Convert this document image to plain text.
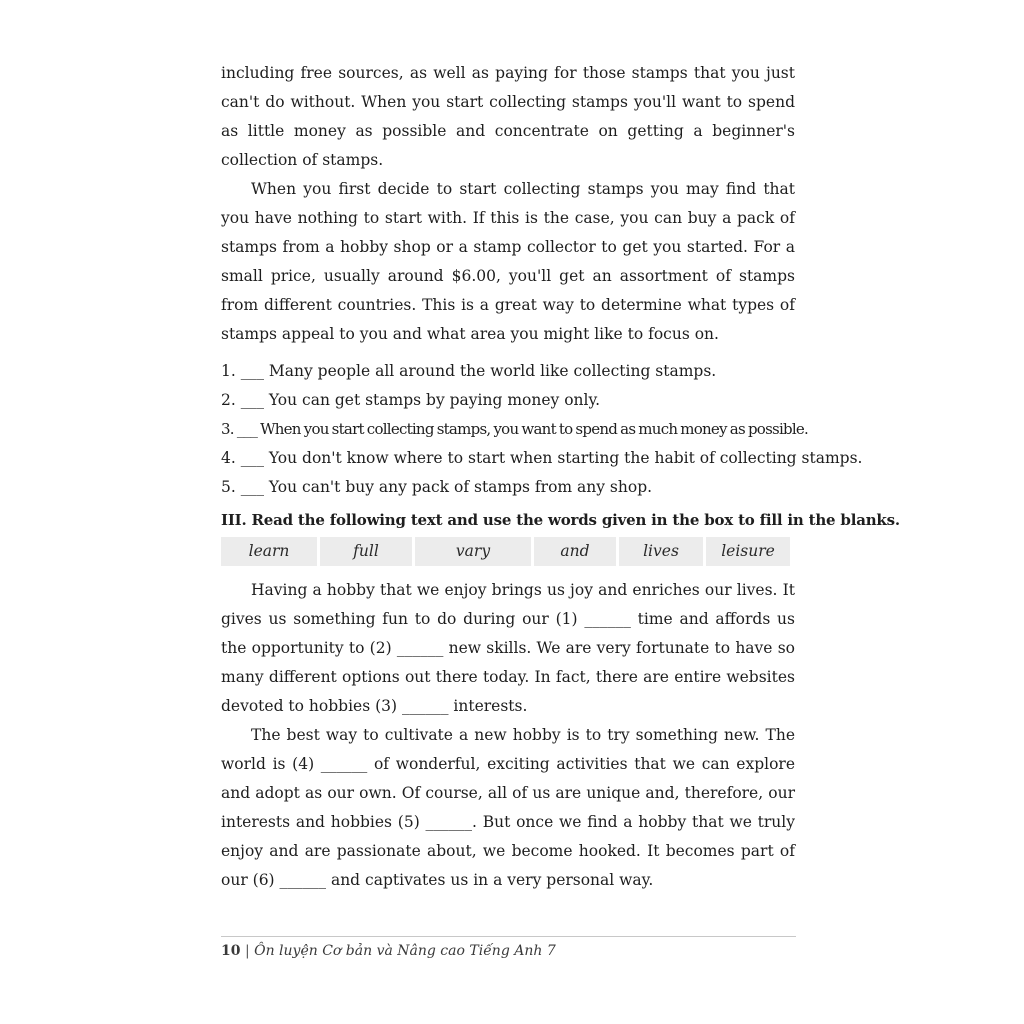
including free sources, as well as paying for those stamps that you just can't do without. When you start collecting stamps you'll want to spend as little money as possible and concentrate on getting a beginner's collection of stamps.

When you first decide to start collecting stamps you may find that you have nothing to start with. If this is the case, you can buy a pack of stamps from a hobby shop or a stamp collector to get you started. For a small price, usually around $6.00, you'll get an assortment of stamps from different countries. This is a great way to determine what types of stamps appeal to you and what area you might like to focus on.

1. ___ Many people all around the world like collecting stamps.
2. ___ You can get stamps by paying money only.
3. ___ When you start collecting stamps, you want to spend as much money as possible.
4. ___ You don't know where to start when starting the habit of collecting stamps.
5. ___ You can't buy any pack of stamps from any shop.
III. Read the following text and use the words given in the box to fill in the blanks.
learn	full	vary	and	lives	leisure

Having a hobby that we enjoy brings us joy and enriches our lives. It gives us something fun to do during our (1) ______ time and affords us the opportunity to (2) ______ new skills. We are very fortunate to have so many different options out there today. In fact, there are entire websites devoted to hobbies (3) ______ interests.

The best way to cultivate a new hobby is to try something new. The world is (4) ______ of wonderful, exciting activities that we can explore and adopt as our own. Of course, all of us are unique and, therefore, our interests and hobbies (5) ______. But once we find a hobby that we truly enjoy and are passionate about, we become hooked. It becomes part of our (6) ______ and captivates us in a very personal way.

10 | Ôn luyện Cơ bản và Nâng cao Tiếng Anh 7
